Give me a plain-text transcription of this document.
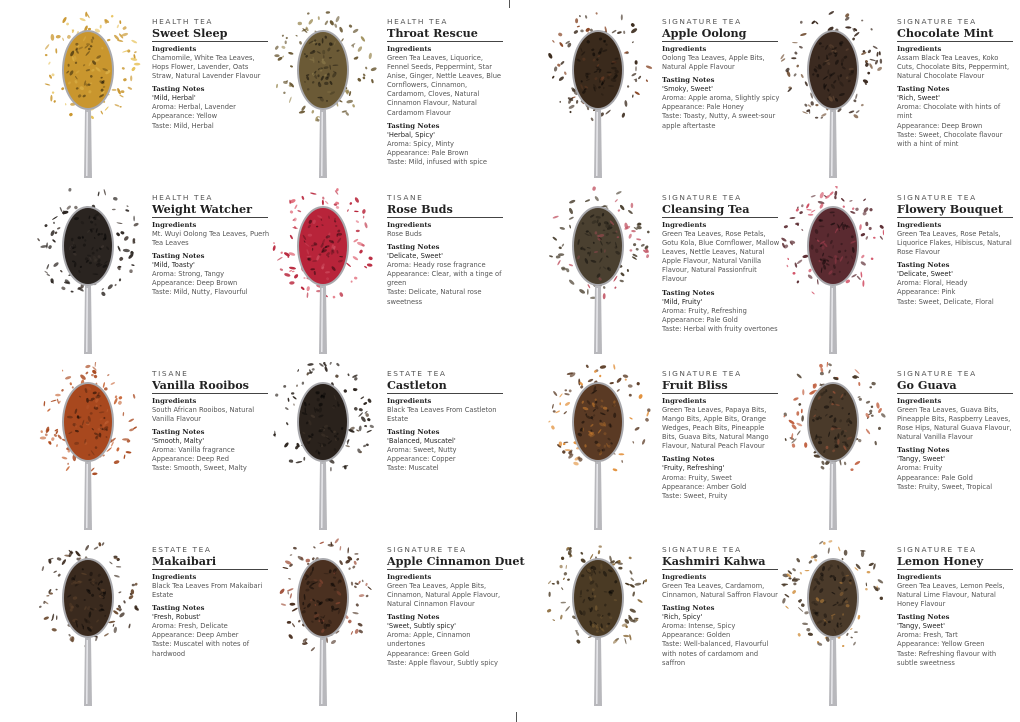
HEALTH TEA
Sweet Sleep
Ingredients
Chamomile, White Tea Leaves, Hops Flower, Lavender, Oats Straw, Natural Lavender Flavour
Tasting Notes
'Mild, Herbal'
Aroma: Herbal, Lavender
Appearance: Yellow
Taste: Mild, Herbal
HEALTH TEA
Throat Rescue
Ingredients
Green Tea Leaves, Liquorice, Fennel Seeds, Peppermint, Star Anise, Ginger, Nettle Leaves, Blue Cornflowers, Cinnamon, Cardamom, Cloves, Natural Cinnamon Flavour, Natural Cardamom Flavour
Tasting Notes
'Herbal, Spicy'
Aroma: Spicy, Minty
Appearance: Pale Brown
Taste: Mild, infused with spice
SIGNATURE TEA
Apple Oolong
Ingredients
Oolong Tea Leaves, Apple Bits, Natural Apple Flavour
Tasting Notes
'Smoky, Sweet'
Aroma: Apple aroma, Slightly spicy
Appearance: Pale Honey
Taste: Toasty, Nutty, A sweet-sour apple aftertaste
SIGNATURE TEA
Chocolate Mint
Ingredients
Assam Black Tea Leaves, Koko Cuts, Chocolate Bits, Peppermint, Natural Chocolate Flavour
Tasting Notes
'Rich, Sweet'
Aroma: Chocolate with hints of mint
Appearance: Deep Brown
Taste: Sweet, Chocolate flavour with a hint of mint
HEALTH TEA
Weight Watcher
Ingredients
Mt. Wuyi Oolong Tea Leaves, Puerh Tea Leaves
Tasting Notes
'Mild, Toasty'
Aroma: Strong, Tangy
Appearance: Deep Brown
Taste: Mild, Nutty, Flavourful
TISANE
Rose Buds
Ingredients
Rose Buds
Tasting Notes
'Delicate, Sweet'
Aroma: Heady rose fragrance
Appearance: Clear, with a tinge of green
Taste: Delicate, Natural rose sweetness
SIGNATURE TEA
Cleansing Tea
Ingredients
Green Tea Leaves, Rose Petals, Gotu Kola, Blue Cornflower, Mallow Leaves, Nettle Leaves, Natural Apple Flavour, Natural Vanilla Flavour, Natural Passionfruit Flavour
Tasting Notes
'Mild, Fruity'
Aroma: Fruity, Refreshing
Appearance: Pale Gold
Taste: Herbal with fruity overtones
SIGNATURE TEA
Flowery Bouquet
Ingredients
Green Tea Leaves, Rose Petals, Liquorice Flakes, Hibiscus, Natural Rose Flavour
Tasting Notes
'Delicate, Sweet'
Aroma: Floral, Heady
Appearance: Pink
Taste: Sweet, Delicate, Floral
TISANE
Vanilla Rooibos
Ingredients
South African Rooibos, Natural Vanilla Flavour
Tasting Notes
'Smooth, Malty'
Aroma: Vanilla fragrance
Appearance: Deep Red
Taste: Smooth, Sweet, Malty
ESTATE TEA
Castleton
Ingredients
Black Tea Leaves From Castleton Estate
Tasting Notes
'Balanced, Muscatel'
Aroma: Sweet, Nutty
Appearance: Copper
Taste: Muscatel
SIGNATURE TEA
Fruit Bliss
Ingredients
Green Tea Leaves, Papaya Bits, Mango Bits, Apple Bits, Orange Wedges, Peach Bits, Pineapple Bits, Guava Bits, Natural Mango Flavour, Natural Peach Flavour
Tasting Notes
'Fruity, Refreshing'
Aroma: Fruity, Sweet
Appearance: Amber Gold
Taste: Sweet, Fruity
SIGNATURE TEA
Go Guava
Ingredients
Green Tea Leaves, Guava Bits, Pineapple Bits, Raspberry Leaves, Rose Hips, Natural Guava Flavour, Natural Vanilla Flavour
Tasting Notes
'Tangy, Sweet'
Aroma: Fruity
Appearance: Pale Gold
Taste: Fruity, Sweet, Tropical
ESTATE TEA
Makaibari
Ingredients
Black Tea Leaves From Makaibari Estate
Tasting Notes
'Fresh, Robust'
Aroma: Fresh, Delicate
Appearance: Deep Amber
Taste: Muscatel with notes of hardwood
SIGNATURE TEA
Apple Cinnamon Duet
Ingredients
Green Tea Leaves, Apple Bits, Cinnamon, Natural Apple Flavour, Natural Cinnamon Flavour
Tasting Notes
'Sweet, Subtly spicy'
Aroma: Apple, Cinnamon undertones
Appearance: Green Gold
Taste: Apple flavour, Subtly spicy
SIGNATURE TEA
Kashmiri Kahwa
Ingredients
Green Tea Leaves, Cardamom, Cinnamon, Natural Saffron Flavour
Tasting Notes
'Rich, Spicy'
Aroma: Intense, Spicy
Appearance: Golden
Taste: Well-balanced, Flavourful with notes of cardamom and saffron
SIGNATURE TEA
Lemon Honey
Ingredients
Green Tea Leaves, Lemon Peels, Natural Lime Flavour, Natural Honey Flavour
Tasting Notes
'Tangy, Sweet'
Aroma: Fresh, Tart
Appearance: Yellow Green
Taste: Refreshing flavour with subtle sweetness
